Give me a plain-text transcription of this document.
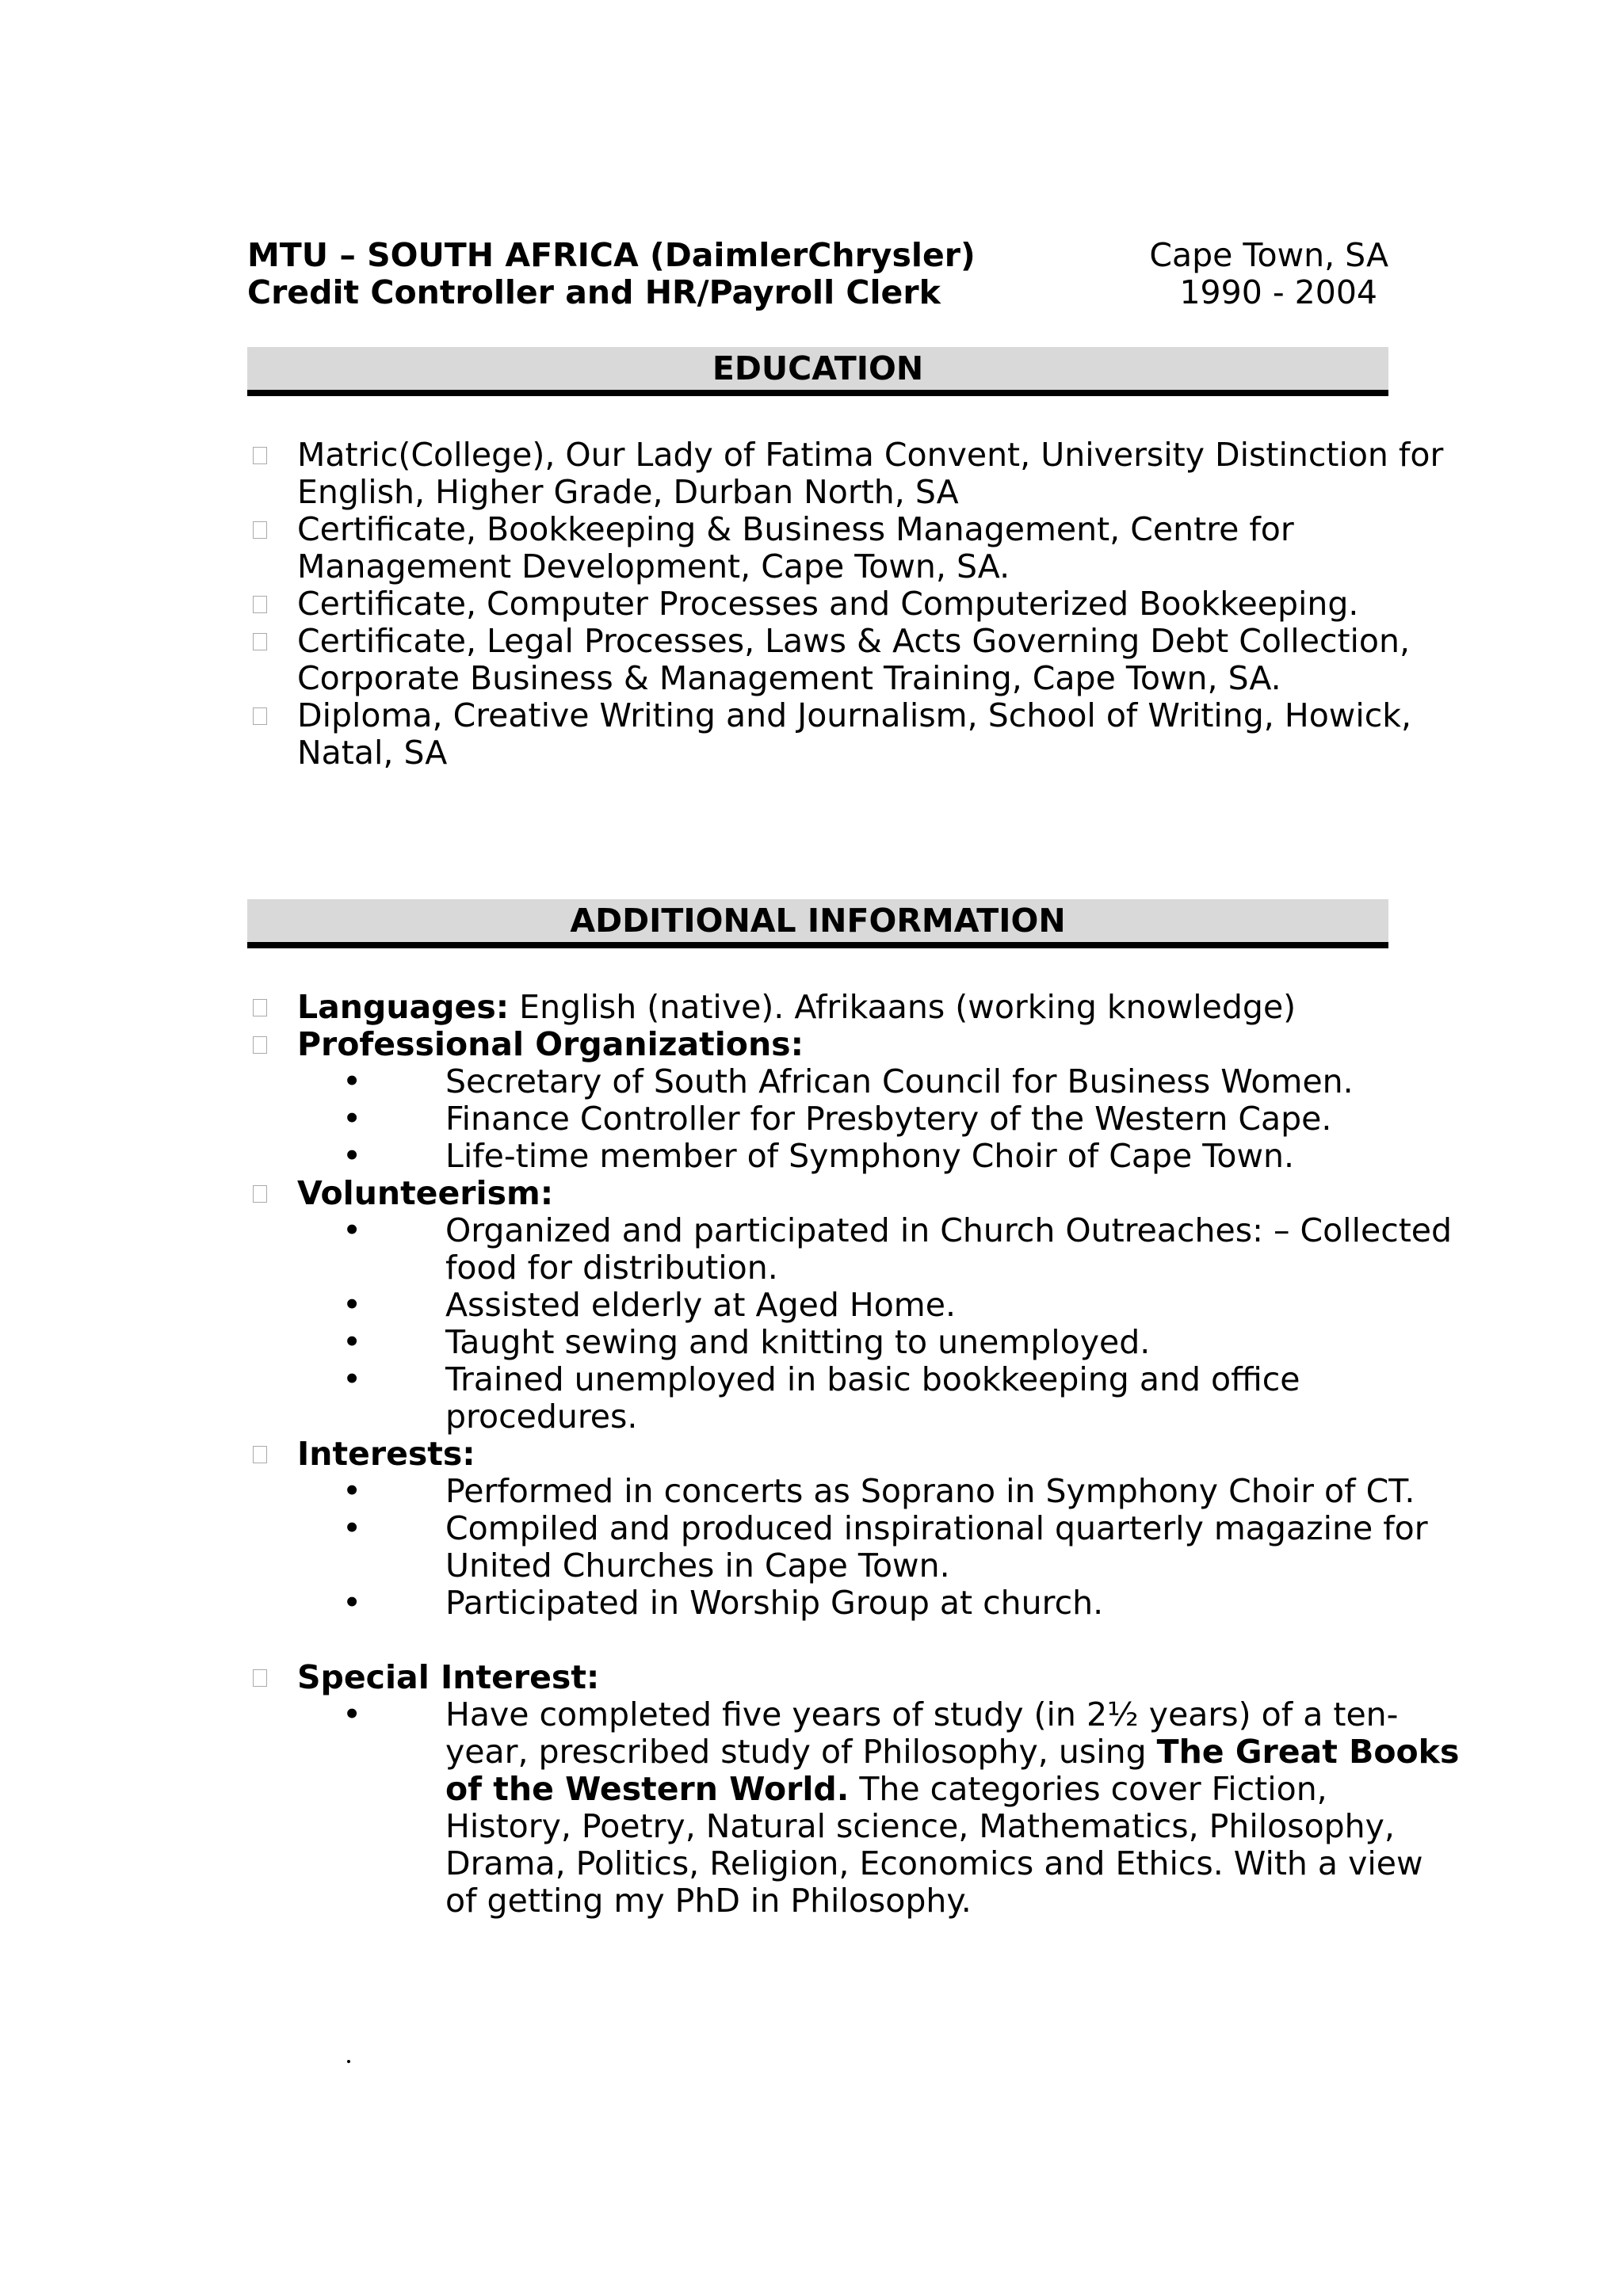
MTU – SOUTH AFRICA (DaimlerChrysler)	Cape Town, SA
Credit Controller and HR/Payroll Clerk	1990 - 2004
EDUCATION
Matric(College), Our Lady of Fatima Convent, University Distinction for
English, Higher Grade, Durban North, SA
Certificate, Bookkeeping & Business Management, Centre for
Management Development, Cape Town, SA.
Certificate, Computer Processes and Computerized Bookkeeping.
Certificate, Legal Processes, Laws & Acts Governing Debt Collection,
Corporate Business & Management Training, Cape Town, SA.
Diploma, Creative Writing and Journalism, School of Writing, Howick,
Natal, SA
ADDITIONAL INFORMATION
Languages: English (native). Afrikaans (working knowledge)
Professional Organizations:
•	Secretary of South African Council for Business Women.
•	Finance Controller for Presbytery of the Western Cape.
•	Life-time member of Symphony Choir of Cape Town.
Volunteerism:
•	Organized and participated in Church Outreaches: – Collected
food for distribution.
•	Assisted elderly at Aged Home.
•	Taught sewing and knitting to unemployed.
•	Trained unemployed in basic bookkeeping and office
procedures.
Interests:
•	Performed in concerts as Soprano in Symphony Choir of CT.
•	Compiled and produced inspirational quarterly magazine for
United Churches in Cape Town.
•	Participated in Worship Group at church.
Special Interest:
•	Have completed five years of study (in 2½ years) of a ten-
year, prescribed study of Philosophy, using The Great Books
of the Western World. The categories cover Fiction,
History, Poetry, Natural science, Mathematics, Philosophy,
Drama, Politics, Religion, Economics and Ethics. With a view
of getting my PhD in Philosophy.
